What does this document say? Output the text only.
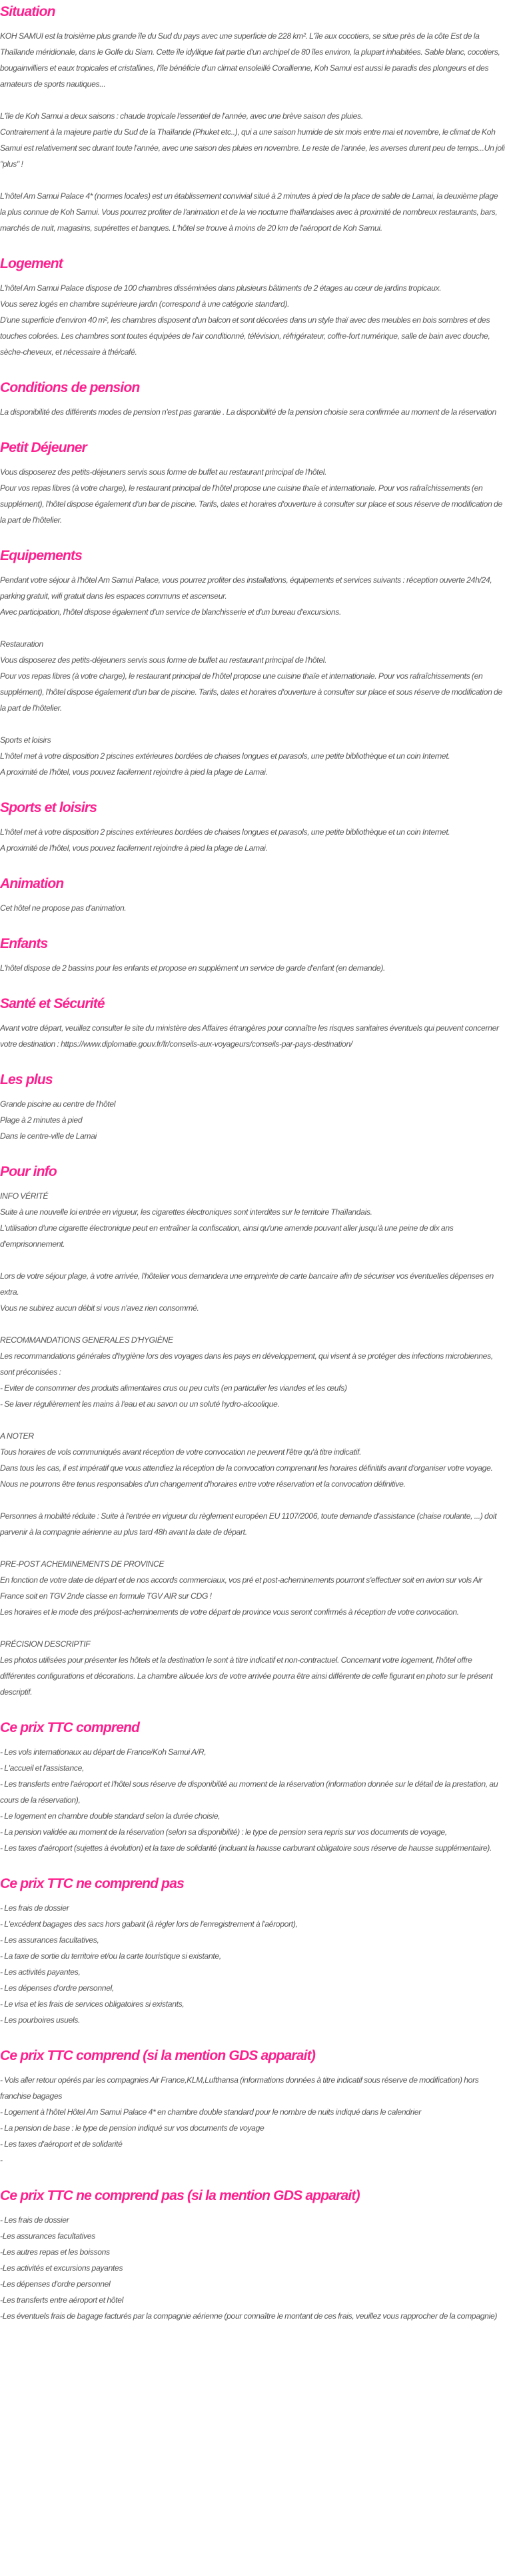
Situation
KOH SAMUI est la troisième plus grande île du Sud du pays avec une superficie de 228 km². L'île aux cocotiers, se situe près de la côte Est de la Thaïlande méridionale, dans le Golfe du Siam. Cette île idyllique fait partie d'un archipel de 80 îles environ, la plupart inhabitées. Sable blanc, cocotiers, bougainvilliers et eaux tropicales et cristallines, l'île bénéficie d'un climat ensoleillé Corallienne, Koh Samui est aussi le paradis des plongeurs et des amateurs de sports nautiques...
L'île de Koh Samui a deux saisons : chaude tropicale l'essentiel de l'année, avec une brève saison des pluies.
Contrairement à la majeure partie du Sud de la Thaïlande (Phuket etc..), qui a une saison humide de six mois entre mai et novembre, le climat de Koh Samui est relativement sec durant toute l'année, avec une saison des pluies en novembre. Le reste de l'année, les averses durent peu de temps...Un joli "plus" !
L'hôtel Am Samui Palace 4* (normes locales) est un établissement convivial situé à 2 minutes à pied de la place de sable de Lamai, la deuxième plage la plus connue de Koh Samui. Vous pourrez profiter de l'animation et de la vie nocturne thaïlandaises avec à proximité de nombreux restaurants, bars, marchés de nuit, magasins, supérettes et banques. L'hôtel se trouve à moins de 20 km de l'aéroport de Koh Samui.
Logement
L'hôtel Am Samui Palace dispose de 100 chambres disséminées dans plusieurs bâtiments de 2 étages au cœur de jardins tropicaux.
Vous serez logés en chambre supérieure jardin (correspond à une catégorie standard).
D'une superficie d'environ 40 m², les chambres disposent d'un balcon et sont décorées dans un style thaï avec des meubles en bois sombres et des touches colorées. Les chambres sont toutes équipées de l'air conditionné, télévision, réfrigérateur, coffre-fort numérique, salle de bain avec douche, sèche-cheveux, et nécessaire à thé/café.
Conditions de pension
La disponibilité des différents modes de pension n'est pas garantie . La disponibilité de la pension choisie sera confirmée au moment de la réservation
Petit Déjeuner
Vous disposerez des petits-déjeuners servis sous forme de buffet au restaurant principal de l'hôtel.
Pour vos repas libres (à votre charge), le restaurant principal de l'hôtel propose une cuisine thaïe et internationale. Pour vos rafraîchissements (en supplément), l'hôtel dispose également d'un bar de piscine. Tarifs, dates et horaires d'ouverture à consulter sur place et sous réserve de modification de la part de l'hôtelier.
Equipements
Pendant votre séjour à l'hôtel Am Samui Palace, vous pourrez profiter des installations, équipements et services suivants : réception ouverte 24h/24, parking gratuit, wifi gratuit dans les espaces communs et ascenseur.
Avec participation, l'hôtel dispose également d'un service de blanchisserie et d'un bureau d'excursions.
Restauration
Vous disposerez des petits-déjeuners servis sous forme de buffet au restaurant principal de l'hôtel.
Pour vos repas libres (à votre charge), le restaurant principal de l'hôtel propose une cuisine thaïe et internationale. Pour vos rafraîchissements (en supplément), l'hôtel dispose également d'un bar de piscine. Tarifs, dates et horaires d'ouverture à consulter sur place et sous réserve de modification de la part de l'hôtelier.
Sports et loisirs
L'hôtel met à votre disposition 2 piscines extérieures bordées de chaises longues et parasols, une petite bibliothèque et un coin Internet.
A proximité de l'hôtel, vous pouvez facilement rejoindre à pied la plage de Lamai.
Sports et loisirs
L'hôtel met à votre disposition 2 piscines extérieures bordées de chaises longues et parasols, une petite bibliothèque et un coin Internet.
A proximité de l'hôtel, vous pouvez facilement rejoindre à pied la plage de Lamai.
Animation
Cet hôtel ne propose pas d'animation.
Enfants
L'hôtel dispose de 2 bassins pour les enfants et propose en supplément un service de garde d'enfant (en demande).
Santé et Sécurité
Avant votre départ, veuillez consulter le site du ministère des Affaires étrangères pour connaître les risques sanitaires éventuels qui peuvent concerner votre destination : https://www.diplomatie.gouv.fr/fr/conseils-aux-voyageurs/conseils-par-pays-destination/
Les plus
Grande piscine au centre de l'hôtel
Plage à 2 minutes à pied
Dans le centre-ville de Lamai
Pour info
INFO VÉRITÉ
Suite à une nouvelle loi entrée en vigueur, les cigarettes électroniques sont interdites sur le territoire Thaïlandais.
L'utilisation d'une cigarette électronique peut en entraîner la confiscation, ainsi qu'une amende pouvant aller jusqu'à une peine de dix ans d'emprisonnement.
Lors de votre séjour plage, à votre arrivée, l'hôtelier vous demandera une empreinte de carte bancaire afin de sécuriser vos éventuelles dépenses en extra.
Vous ne subirez aucun débit si vous n'avez rien consommé.
RECOMMANDATIONS GENERALES D'HYGIÈNE
Les recommandations générales d'hygiène lors des voyages dans les pays en développement, qui visent à se protéger des infections microbiennes, sont préconisées :
- Eviter de consommer des produits alimentaires crus ou peu cuits (en particulier les viandes et les œufs)
- Se laver régulièrement les mains à l'eau et au savon ou un soluté hydro-alcoolique.
A NOTER
Tous horaires de vols communiqués avant réception de votre convocation ne peuvent l'être qu'à titre indicatif.
Dans tous les cas, il est impératif que vous attendiez la réception de la convocation comprenant les horaires définitifs avant d'organiser votre voyage.
Nous ne pourrons être tenus responsables d'un changement d'horaires entre votre réservation et la convocation définitive.
Personnes à mobilité réduite : Suite à l'entrée en vigueur du règlement européen EU 1107/2006, toute demande d'assistance (chaise roulante, ...) doit parvenir à la compagnie aérienne au plus tard 48h avant la date de départ.
PRE-POST ACHEMINEMENTS DE PROVINCE
En fonction de votre date de départ et de nos accords commerciaux, vos pré et post-acheminements pourront s'effectuer soit en avion sur vols Air France soit en TGV 2nde classe en formule TGV AIR sur CDG !
Les horaires et le mode des pré/post-acheminements de votre départ de province vous seront confirmés à réception de votre convocation.
PRÉCISION DESCRIPTIF
Les photos utilisées pour présenter les hôtels et la destination le sont à titre indicatif et non-contractuel. Concernant votre logement, l'hôtel offre différentes configurations et décorations. La chambre allouée lors de votre arrivée pourra être ainsi différente de celle figurant en photo sur le présent descriptif.
Ce prix TTC comprend
- Les vols internationaux au départ de France/Koh Samui A/R,
- L'accueil et l'assistance,
- Les transferts entre l'aéroport et l'hôtel sous réserve de disponibilité au moment de la réservation (information donnée sur le détail de la prestation, au cours de la réservation),
- Le logement en chambre double standard selon la durée choisie,
- La pension validée au moment de la réservation (selon sa disponibilité) : le type de pension sera repris sur vos documents de voyage,
- Les taxes d'aéroport (sujettes à évolution) et la taxe de solidarité (incluant la hausse carburant obligatoire sous réserve de hausse supplémentaire).
Ce prix TTC ne comprend pas
- Les frais de dossier
- L'excédent bagages des sacs hors gabarit (à régler lors de l'enregistrement à l'aéroport),
- Les assurances facultatives,
- La taxe de sortie du territoire et/ou la carte touristique si existante,
- Les activités payantes,
- Les dépenses d'ordre personnel,
- Le visa et les frais de services obligatoires si existants,
- Les pourboires usuels.
Ce prix TTC comprend (si la mention GDS apparait)
- Vols aller retour opérés par les compagnies Air France,KLM,Lufthansa (informations données à titre indicatif sous réserve de modification) hors franchise bagages
- Logement à l'hôtel Hôtel Am Samui Palace 4* en chambre double standard pour le nombre de nuits indiqué dans le calendrier
- La pension de base : le type de pension indiqué sur vos documents de voyage
- Les taxes d'aéroport et de solidarité
-
Ce prix TTC ne comprend pas (si la mention GDS apparait)
- Les frais de dossier
-Les assurances facultatives
-Les autres repas et les boissons
-Les activités et excursions payantes
-Les dépenses d'ordre personnel
-Les transferts entre aéroport et hôtel
-Les éventuels frais de bagage facturés par la compagnie aérienne (pour connaître le montant de ces frais, veuillez vous rapprocher de la compagnie)
